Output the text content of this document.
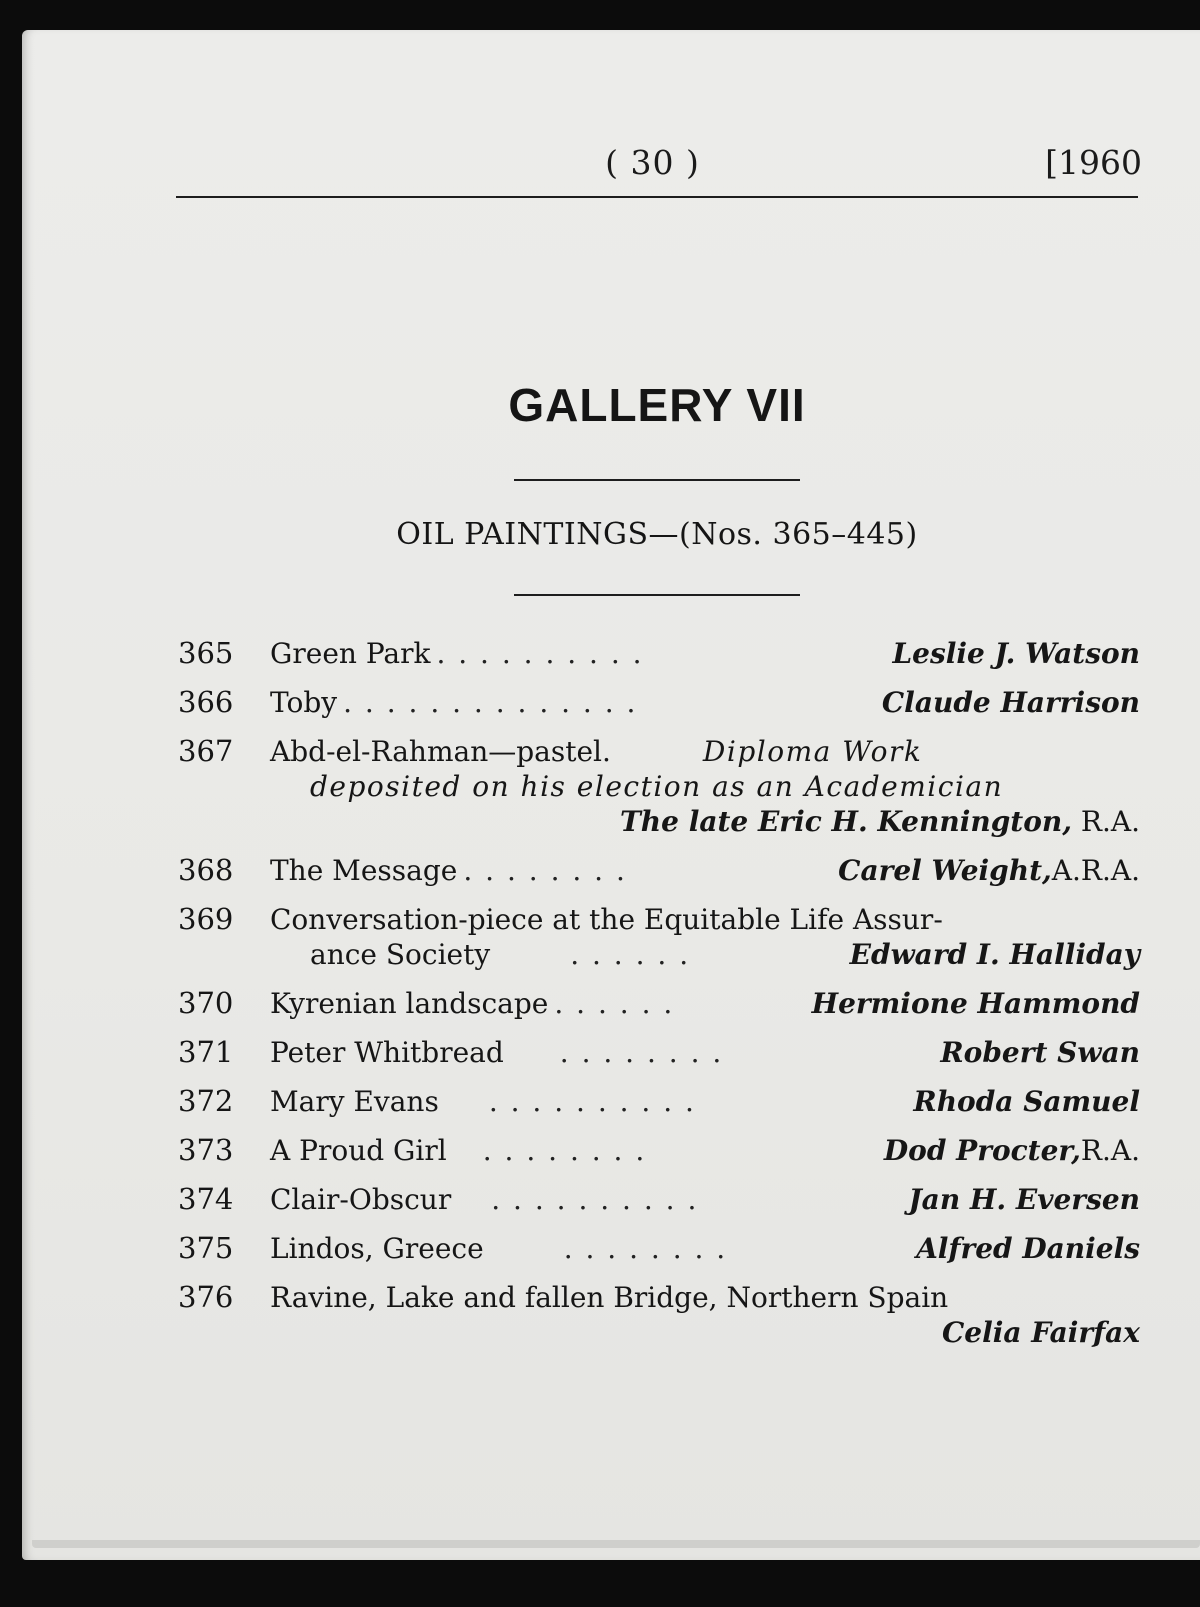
( 30 )	[1960
GALLERY VII
OIL PAINTINGS—(Nos. 365–445)
365	Green Park . . . . . . . . . .	Leslie J. Watson
366	Toby . . . . . . . . . . . . . .	Claude Harrison
367	Abd-el-Rahman—pastel.	Diploma Work
deposited on his election as an Academician
The late Eric H. Kennington, R.A.
368	The Message . . . . . . . .	Carel Weight, A.R.A.
369	Conversation-piece at the Equitable Life Assur-
ance Society	. . . . . .	Edward I. Halliday
370	Kyrenian landscape . . . . . .	Hermione Hammond
371	Peter Whitbread	. . . . . . . .	Robert Swan
372	Mary Evans	. . . . . . . . . .	Rhoda Samuel
373	A Proud Girl	. . . . . . . .	Dod Procter, R.A.
374	Clair-Obscur	. . . . . . . . . .	Jan H. Eversen
375	Lindos, Greece	. . . . . . . .	Alfred Daniels
376	Ravine, Lake and fallen Bridge, Northern Spain
Celia Fairfax
